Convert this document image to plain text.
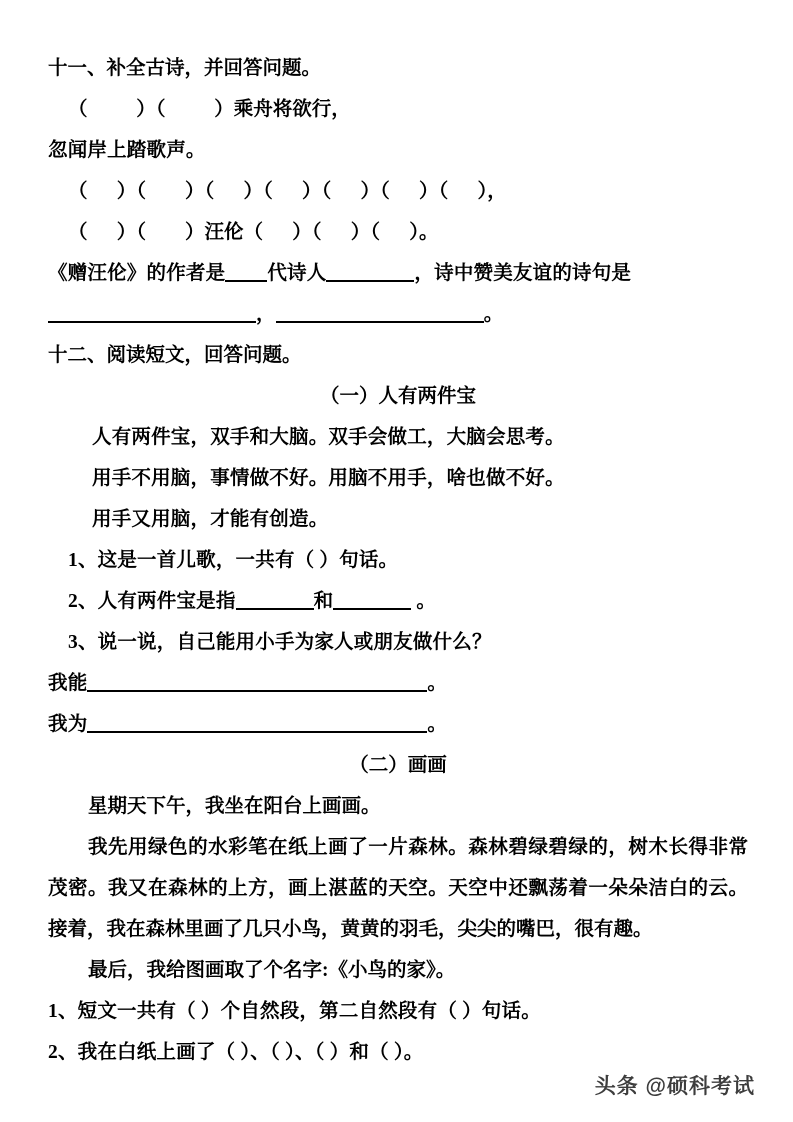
十一、补全古诗，并回答问题。
（          ）（          ）乘舟将欲行，
忽闻岸上踏歌声。
（      ）（        ）（      ）（      ）（      ）（      ）（      ），
（      ）（        ）汪伦（      ）（      ）（      ）。
《赠汪伦》的作者是 代诗人	，诗中赞美友谊的诗句是
，	。
十二、阅读短文，回答问题。
（一）人有两件宝
人有两件宝，双手和大脑。双手会做工，大脑会思考。
用手不用脑，事情做不好。用脑不用手，啥也做不好。
用手又用脑，才能有创造。
1、这是一首儿歌，一共有（ ）句话。
2、人有两件宝是指	和	。
3、说一说，自己能用小手为家人或朋友做什么？
我能	。
我为	。
（二）画画
星期天下午，我坐在阳台上画画。
我先用绿色的水彩笔在纸上画了一片森林。森林碧绿碧绿的，树木长得非常茂密。我又在森林的上方，画上湛蓝的天空。天空中还飘荡着一朵朵洁白的云。接着，我在森林里画了几只小鸟，黄黄的羽毛，尖尖的嘴巴，很有趣。
最后，我给图画取了个名字:《小鸟的家》。
1、短文一共有（ ）个自然段，第二自然段有（ ）句话。
2、我在白纸上画了（ ）、（ ）、（ ）和（ ）。
头条 @硕科考试
